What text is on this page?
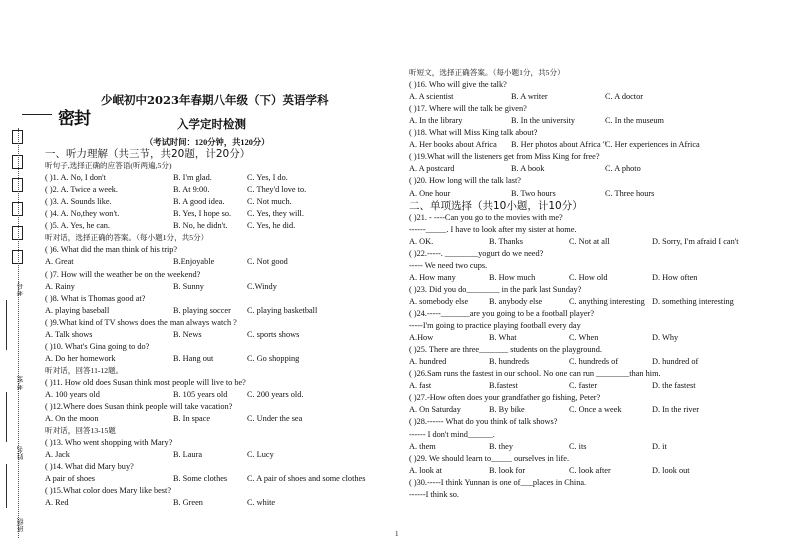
密 封
考号
考室
姓名
班级
少岷初中2023年春期八年级（下）英语学科
入学定时检测
（考试时间：120分钟，共120分）
一、听力理解（共三节，共20题，计20分）
听句子,选择正确的应答语(听两遍,5分)
( )1. A. No, I don't	B. I'm glad.	C. Yes, I do.
( )2. A. Twice a week.	B. At 9:00.	C. They'd love to.
( )3. A. Sounds like.	B. A good idea.	C. Not much.
( )4. A. No,they won't.	B. Yes, I hope so. C. Yes, they will.
( )5. A. Yes, he can.	B. No, he didn't. C. Yes, he did.
听对话，选择正确的答案。（每小题1分，共5分）
( )6. What did the man think of his trip?
A. Great	B.Enjoyable	C. Not good
( )7. How will the weather be on the weekend?
A. Rainy	B. Sunny	C.Windy
( )8. What is Thomas good at?
A. playing baseball	B. playing soccer C. playing basketball
( )9.What kind of TV shows does the man always watch ?
A. Talk shows	B. News	C. sports shows
( )10. What's Gina going to do?
A. Do her homework	B. Hang out	C. Go shopping
听对话，回答11-12题。
( )11. How old does Susan think most people will live to be?
A. 100 years old	B. 105 years old C. 200 years old.
( )12.Where does Susan think people will take vacation?
A. On the moon	B. In space	C. Under the sea
听对话，回答13-15题
( )13. Who went shopping with Mary?
A. Jack	B. Laura	C. Lucy
( )14. What did Mary buy?
A pair of shoes	B. Some clothes C. A pair of shoes and some clothes
( )15.What color does Mary like best?
A. Red	B. Green	C. white
听短文，选择正确答案。（每小题1分，共5分）
( )16. Who will give the talk?
A. A scientist	B. A writer	C. A doctor
( )17. Where will the talk be given?
A. In the library	B. In the university	C. In the museum
( )18. What will Miss King talk about?
A. Her books about Africa B. Her photos about Africa "
C. Her experiences in Africa
( )19.What will the listeners get from Miss King for free?
A. A postcard	B. A book	C. A photo
( )20. How long will the talk last?
A. One hour	B. Two hours	C. Three hours
二、单项选择（共10小题，计10分）
( )21. - ----Can you go to the movies with me?
------_____. I have to look after my sister at home.
A. OK.	B. Thanks	C. Not at all	D. Sorry, I'm afraid I can't
( )22.-----. ________yogurt do we need?
----- We need two cups.
A. How many	B. How much	C. How old	D. How often
( )23. Did you do________ in the park last Sunday?
A. somebody else	B. anybody else	C. anything interesting D. something interesting
( )24.-----_______are you going to be a football player?
-----I'm going to practice playing football every day
A.How	B. What	C. When	D. Why
( )25. There are three_______ students on the playground.
A. hundred	B. hundreds	C. hundreds of	D. hundred of
( )26.Sam runs the fastest in our school. No one can run ________than him.
A. fast	B.fastest	C. faster	D. the fastest
( )27.-How often does your grandfather go fishing, Peter?
A. On Saturday	B. By bike	C. Once a week	D. In the river
( )28.------ What do you think of talk shows?
------ I don't mind______.
A. them	B. they	C. its	D. it
( )29. We should learn to_____ ourselves in life.
A. look at	B. look for	C. look after	D. look out
( )30.-----I think Yunnan is one of___places in China.
------I think so.
1
